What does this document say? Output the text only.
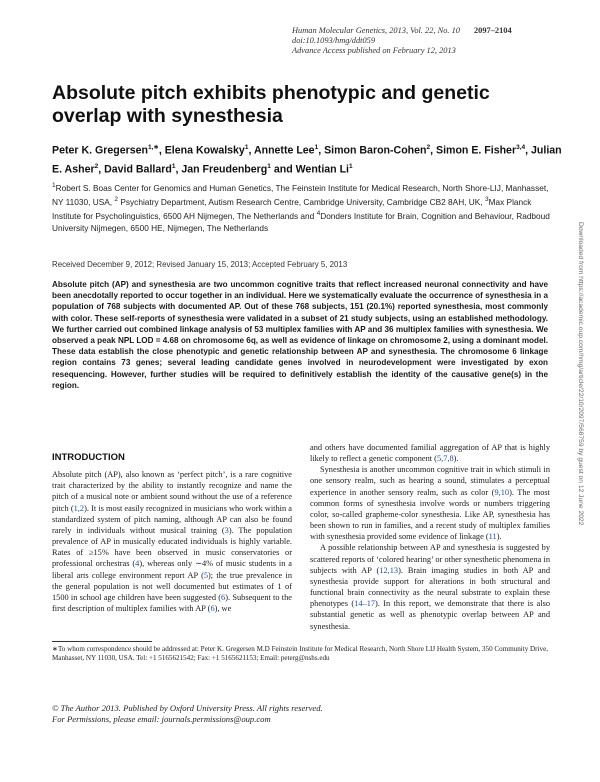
Human Molecular Genetics, 2013, Vol. 22, No. 10 2097–2104
doi:10.1093/hmg/ddt059
Advance Access published on February 12, 2013
Absolute pitch exhibits phenotypic and genetic overlap with synesthesia

Peter K. Gregersen$^{1,∗}$, Elena Kowalsky$^1$, Annette Lee$^1$, Simon Baron-Cohen$^2$, Simon E. Fisher$^{3,4}$, Julian E. Asher$^2$, David Ballard$^1$, Jan Freudenberg$^1$ and Wentian Li$^1$

$^1$Robert S. Boas Center for Genomics and Human Genetics, The Feinstein Institute for Medical Research, North Shore-LIJ, Manhasset, NY 11030, USA, $^2$ Psychiatry Department, Autism Research Centre, Cambridge University, Cambridge CB2 8AH, UK, $^3$Max Planck Institute for Psycholinguistics, 6500 AH Nijmegen, The Netherlands and $^4$Donders Institute for Brain, Cognition and Behaviour, Radboud University Nijmegen, 6500 HE, Nijmegen, The Netherlands

Received December 9, 2012; Revised January 15, 2013; Accepted February 5, 2013

Absolute pitch (AP) and synesthesia are two uncommon cognitive traits that reflect increased neuronal connectivity and have been anecdotally reported to occur together in an individual. Here we systematically evaluate the occurrence of synesthesia in a population of 768 subjects with documented AP. Out of these 768 subjects, 151 (20.1%) reported synesthesia, most commonly with color. These self-reports of synesthesia were validated in a subset of 21 study subjects, using an established methodology. We further carried out combined linkage analysis of 53 multiplex families with AP and 36 multiplex families with synesthesia. We observed a peak NPL LOD = 4.68 on chromosome 6q, as well as evidence of linkage on chromosome 2, using a dominant model. These data establish the close phenotypic and genetic relationship between AP and synesthesia. The chromosome 6 linkage region contains 73 genes; several leading candidate genes involved in neurodevelopment were investigated by exon resequencing. However, further studies will be required to definitively establish the identity of the causative gene(s) in the region.

INTRODUCTION

Absolute pitch (AP), also known as ‘perfect pitch’, is a rare cognitive trait characterized by the ability to instantly recognize and name the pitch of a musical note or ambient sound without the use of a reference pitch (1,2). It is most easily recognized in musicians who work within a standardized system of pitch naming, although AP can also be found rarely in individuals without musical training (3). The population prevalence of AP in musically educated individuals is highly variable. Rates of ≥15% have been observed in music conservatories or professional orchestras (4), whereas only ∼4% of music students in a liberal arts college environment report AP (5); the true prevalence in the general population is not well documented but estimates of 1 of 1500 in school age children have been suggested (6). Subsequent to the first description of multiplex families with AP (6), we

and others have documented familial aggregation of AP that is highly likely to reflect a genetic component (5,7,8).

Synesthesia is another uncommon cognitive trait in which stimuli in one sensory realm, such as hearing a sound, stimulates a perceptual experience in another sensory realm, such as color (9,10). The most common forms of synesthesia involve words or numbers triggering color, so-called grapheme-color synesthesia. Like AP, synesthesia has been shown to run in families, and a recent study of multiplex families with synesthesia provided some evidence of linkage (11).

A possible relationship between AP and synesthesia is suggested by scattered reports of ‘colored hearing’ or other synesthetic phenomena in subjects with AP (12,13). Brain imaging studies in both AP and synesthesia provide support for alterations in both structural and functional brain connectivity as the neural substrate to explain these phenotypes (14–17). In this report, we demonstrate that there is also substantial genetic as well as phenotypic overlap between AP and synesthesia.

∗To whom correspondence should be addressed at: Peter K. Gregersen M.D Feinstein Institute for Medical Research, North Shore LIJ Health System, 350 Community Drive, Manhasset, NY 11030, USA. Tel: +1 5165621542; Fax: +1 5165621153; Email: peterg@nshs.edu

© The Author 2013. Published by Oxford University Press. All rights reserved.

For Permissions, please email: journals.permissions@oup.com

Downloaded from https://academic.oup.com/hmg/article/22/10/2097/568759 by guest on 12 June 2022
